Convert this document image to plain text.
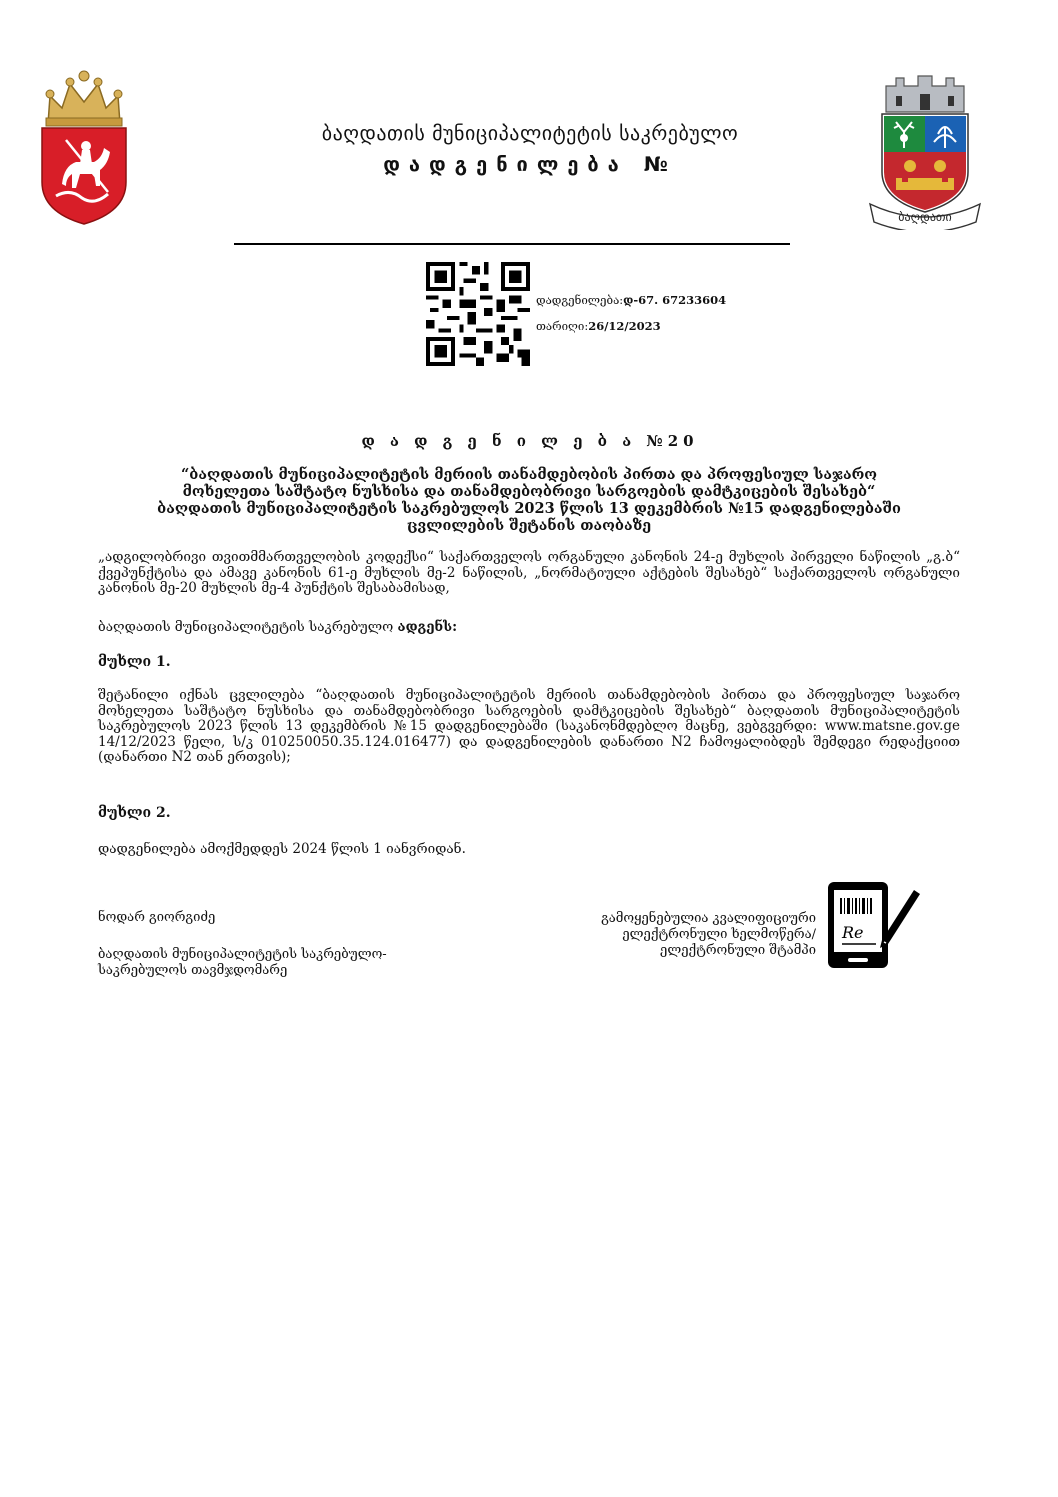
ბაღდათი
ბაღდათის მუნიციპალიტეტის საკრებულო
დადგენილება №
დადგენილება:დ-67. 67233604
თარიღი:26/12/2023
დ ა დ გ ე ნ ი ლ ე ბ ა №20
“ბაღდათის მუნიციპალიტეტის მერიის თანამდებობის პირთა და პროფესიულ საჯარო
მოხელეთა საშტატო ნუსხისა და თანამდებობრივი სარგოების დამტკიცების შესახებ“
ბაღდათის მუნიციპალიტეტის საკრებულოს 2023 წლის 13 დეკემბრის №15 დადგენილებაში
ცვლილების შეტანის თაობაზე
„ადგილობრივი თვითმმართველობის კოდექსი“ საქართველოს ორგანული კანონის 24-ე მუხლის პირველი ნაწილის „გ.ბ“ ქვეპუნქტისა და ამავე კანონის 61-ე მუხლის მე-2 ნაწილის, „ნორმატიული აქტების შესახებ“ საქართველოს ორგანული კანონის მე-20 მუხლის მე-4 პუნქტის შესაბამისად,
ბაღდათის მუნიციპალიტეტის საკრებულო ადგენს:
მუხლი 1.
შეტანილი იქნას ცვლილება “ბაღდათის მუნიციპალიტეტის მერიის თანამდებობის პირთა და პროფესიულ საჯარო მოხელეთა საშტატო ნუსხისა და თანამდებობრივი სარგოების დამტკიცების შესახებ“ ბაღდათის მუნიციპალიტეტის საკრებულოს 2023 წლის 13 დეკემბრის №15 დადგენილებაში (საკანონმდებლო მაცნე, ვებგვერდი: www.matsne.gov.ge 14/12/2023 წელი, ს/კ 010250050.35.124.016477) და დადგენილების დანართი N2 ჩამოყალიბდეს შემდეგი რედაქციით (დანართი N2 თან ერთვის);
მუხლი 2.
დადგენილება ამოქმედდეს 2024 წლის 1 იანვრიდან.
ნოდარ გიორგიძე
ბაღდათის მუნიციპალიტეტის საკრებულო-
საკრებულოს თავმჯდომარე
გამოყენებულია კვალიფიციური
ელექტრონული ხელმოწერა/
ელექტრონული შტამპი
Re
